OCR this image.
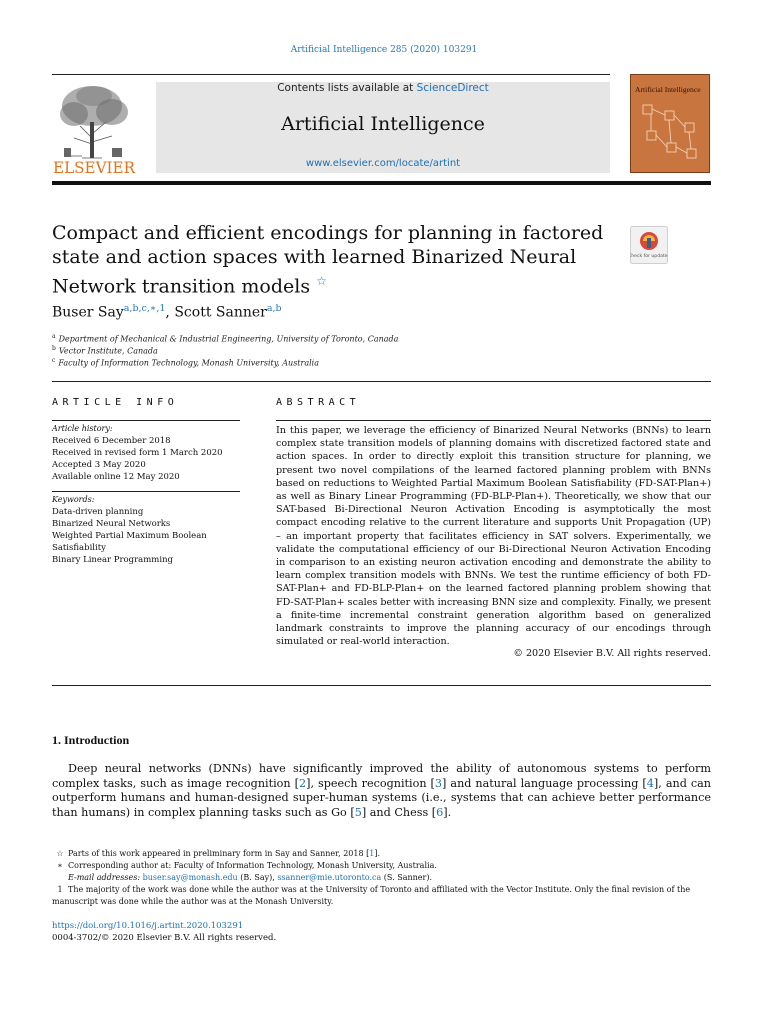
Artificial Intelligence 285 (2020) 103291
ELSEVIER
Contents lists available at ScienceDirect
Artificial Intelligence
www.elsevier.com/locate/artint
Artificial Intelligence
Compact and efficient encodings for planning in factored state and action spaces with learned Binarized Neural Network transition models ☆
Check for updates
Buser Say$^{a,b,c,∗,1}$, Scott Sanner$^{a,b}$
$^a$ Department of Mechanical & Industrial Engineering, University of Toronto, Canada
$^b$ Vector Institute, Canada
$^c$ Faculty of Information Technology, Monash University, Australia
ARTICLE INFO	ABSTRACT
Article history:
Received 6 December 2018
Received in revised form 1 March 2020
Accepted 3 May 2020
Available online 12 May 2020
Keywords:
Data-driven planning
Binarized Neural Networks
Weighted Partial Maximum Boolean Satisfiability
Binary Linear Programming
In this paper, we leverage the efficiency of Binarized Neural Networks (BNNs) to learn complex state transition models of planning domains with discretized factored state and action spaces. In order to directly exploit this transition structure for planning, we present two novel compilations of the learned factored planning problem with BNNs based on reductions to Weighted Partial Maximum Boolean Satisfiability (FD-SAT-Plan+) as well as Binary Linear Programming (FD-BLP-Plan+). Theoretically, we show that our SAT-based Bi-Directional Neuron Activation Encoding is asymptotically the most compact encoding relative to the current literature and supports Unit Propagation (UP) – an important property that facilitates efficiency in SAT solvers. Experimentally, we validate the computational efficiency of our Bi-Directional Neuron Activation Encoding in comparison to an existing neuron activation encoding and demonstrate the ability to learn complex transition models with BNNs. We test the runtime efficiency of both FD-SAT-Plan+ and FD-BLP-Plan+ on the learned factored planning problem showing that FD-SAT-Plan+ scales better with increasing BNN size and complexity. Finally, we present a finite-time incremental constraint generation algorithm based on generalized landmark constraints to improve the planning accuracy of our encodings through simulated or real-world interaction.
© 2020 Elsevier B.V. All rights reserved.
1. Introduction
Deep neural networks (DNNs) have significantly improved the ability of autonomous systems to perform complex tasks, such as image recognition [2], speech recognition [3] and natural language processing [4], and can outperform humans and human-designed super-human systems (i.e., systems that can achieve better performance than humans) in complex planning tasks such as Go [5] and Chess [6].
☆ Parts of this work appeared in preliminary form in Say and Sanner, 2018 [1].
∗ Corresponding author at: Faculty of Information Technology, Monash University, Australia.
E-mail addresses: buser.say@monash.edu (B. Say), ssanner@mie.utoronto.ca (S. Sanner).
1 The majority of the work was done while the author was at the University of Toronto and affiliated with the Vector Institute. Only the final revision of the manuscript was done while the author was at the Monash University.
https://doi.org/10.1016/j.artint.2020.103291
0004-3702/© 2020 Elsevier B.V. All rights reserved.
